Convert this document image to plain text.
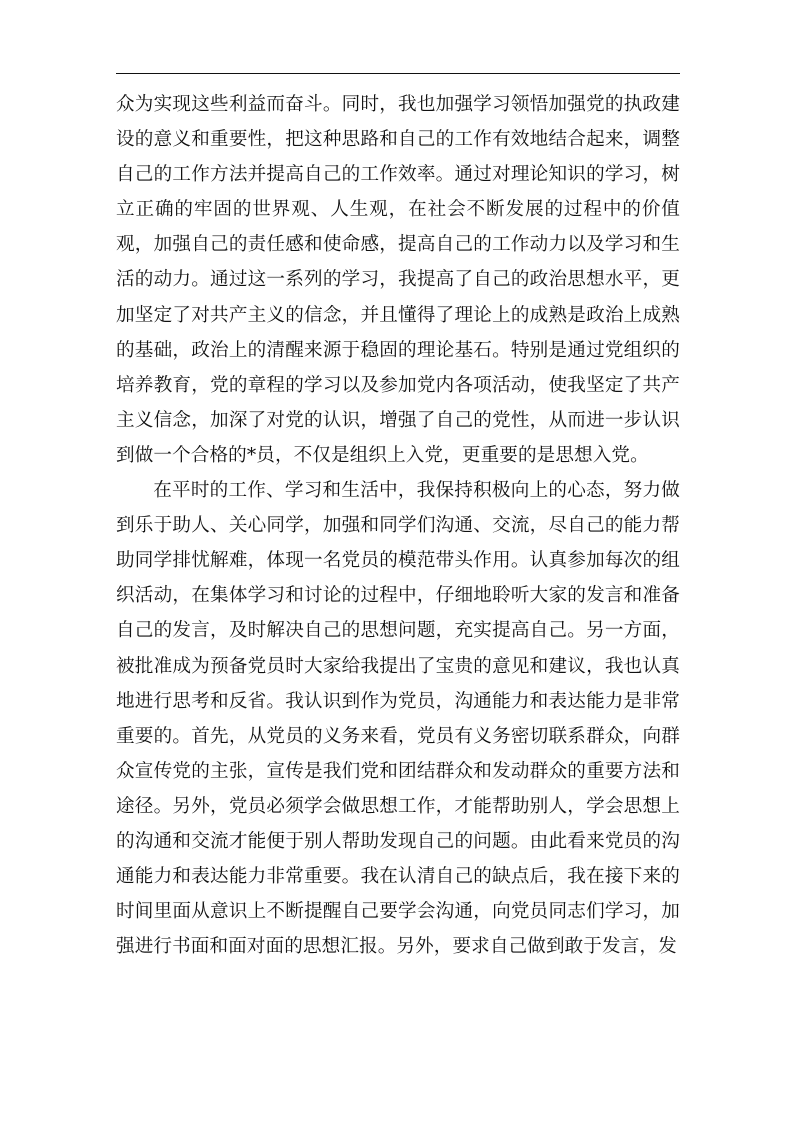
众为实现这些利益而奋斗。同时，我也加强学习领悟加强党的执政建设的意义和重要性，把这种思路和自己的工作有效地结合起来，调整自己的工作方法并提高自己的工作效率。通过对理论知识的学习，树立正确的牢固的世界观、人生观，在社会不断发展的过程中的价值观，加强自己的责任感和使命感，提高自己的工作动力以及学习和生活的动力。通过这一系列的学习，我提高了自己的政治思想水平，更加坚定了对共产主义的信念，并且懂得了理论上的成熟是政治上成熟的基础，政治上的清醒来源于稳固的理论基石。特别是通过党组织的培养教育，党的章程的学习以及参加党内各项活动，使我坚定了共产主义信念，加深了对党的认识，增强了自己的党性，从而进一步认识到做一个合格的*员，不仅是组织上入党，更重要的是思想入党。

在平时的工作、学习和生活中，我保持积极向上的心态，努力做到乐于助人、关心同学，加强和同学们沟通、交流，尽自己的能力帮助同学排忧解难，体现一名党员的模范带头作用。认真参加每次的组织活动，在集体学习和讨论的过程中，仔细地聆听大家的发言和准备自己的发言，及时解决自己的思想问题，充实提高自己。另一方面，被批准成为预备党员时大家给我提出了宝贵的意见和建议，我也认真地进行思考和反省。我认识到作为党员，沟通能力和表达能力是非常重要的。首先，从党员的义务来看，党员有义务密切联系群众，向群众宣传党的主张，宣传是我们党和团结群众和发动群众的重要方法和途径。另外，党员必须学会做思想工作，才能帮助别人，学会思想上的沟通和交流才能便于别人帮助发现自己的问题。由此看来党员的沟通能力和表达能力非常重要。我在认清自己的缺点后，我在接下来的时间里面从意识上不断提醒自己要学会沟通，向党员同志们学习，加强进行书面和面对面的思想汇报。另外，要求自己做到敢于发言，发
